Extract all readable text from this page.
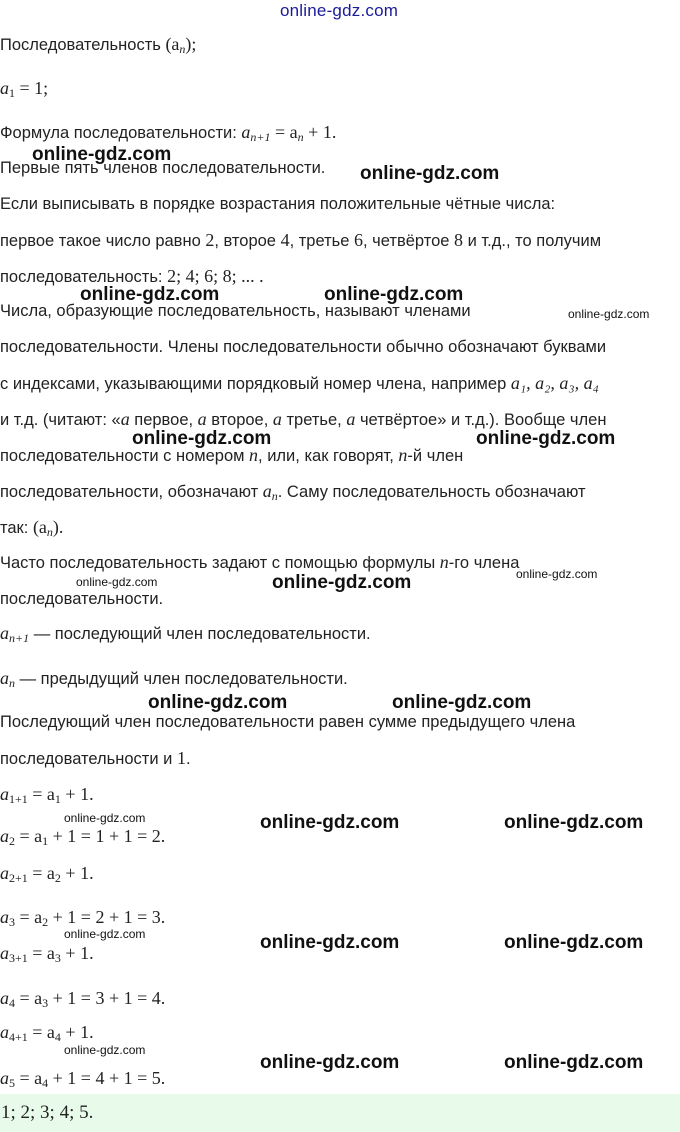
online-gdz.com
online-gdz.com
online-gdz.com
online-gdz.com	online-gdz.com
online-gdz.com
online-gdz.com	online-gdz.com
online-gdz.com	online-gdz.com	online-gdz.com
online-gdz.com	online-gdz.com
online-gdz.com	online-gdz.com	online-gdz.com
online-gdz.com	online-gdz.com	online-gdz.com
online-gdz.com
online-gdz.com	online-gdz.com
Последовательность $(a_n)$;
$a_1 = 1$;
Формула последовательности: $a_{n+1} = a_n + 1$.
Первые пять членов последовательности.
Если выписывать в порядке возрастания положительные чётные числа:
первое такое число равно 2, второе 4, третье 6, четвёртое 8 и т.д., то получим
последовательность: 2; 4; 6; 8; ... .
Числа, образующие последовательность, называют членами
последовательности. Члены последовательности обычно обозначают буквами
с индексами, указывающими порядковый номер члена, например a₁, a₂, a₃, a₄
и т.д. (читают: «a первое, a второе, a третье, a четвёртое» и т.д.). Вообще член
последовательности с номером n, или, как говорят, n-й член
последовательности, обозначают $a_n$. Саму последовательность обозначают
так: $(a_n)$.
Часто последовательность задают с помощью формулы n-го члена
последовательности.
$a_{n+1}$ — последующий член последовательности.
$a_n$ — предыдущий член последовательности.
Последующий член последовательности равен сумме предыдущего члена
последовательности и 1.
$a_{1+1} = a_1 + 1$.
$a_2 = a_1 + 1 = 1 + 1 = 2$.
$a_{2+1} = a_2 + 1$.
$a_3 = a_2 + 1 = 2 + 1 = 3$.
$a_{3+1} = a_3 + 1$.
$a_4 = a_3 + 1 = 3 + 1 = 4$.
$a_{4+1} = a_4 + 1$.
$a_5 = a_4 + 1 = 4 + 1 = 5$.
1; 2; 3; 4; 5.
